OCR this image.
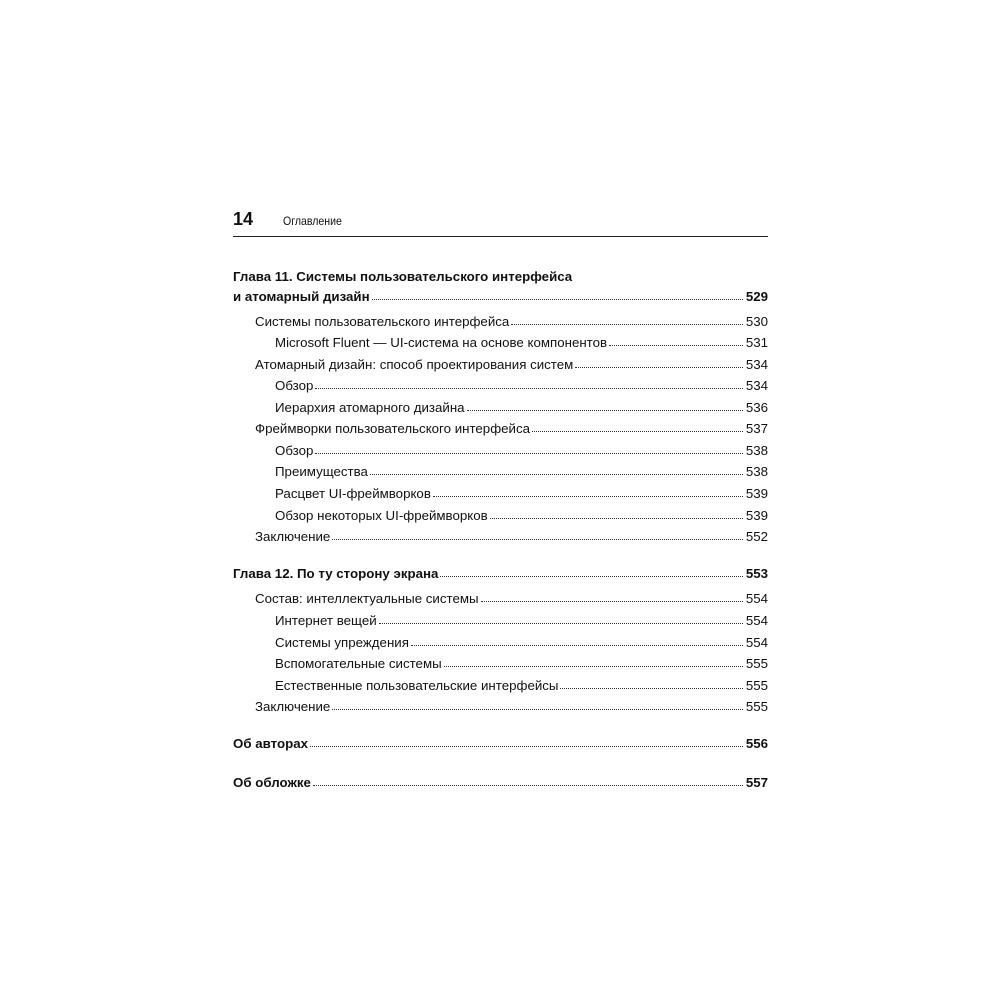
14 Оглавление
Глава 11. Системы пользовательского интерфейса
и атомарный дизайн	529
Системы пользовательского интерфейса	530
Microsoft Fluent — UI-система на основе компонентов	531
Атомарный дизайн: способ проектирования систем	534
Обзор	534
Иерархия атомарного дизайна	536
Фреймворки пользовательского интерфейса	537
Обзор	538
Преимущества	538
Расцвет UI-фреймворков	539
Обзор некоторых UI-фреймворков	539
Заключение	552
Глава 12. По ту сторону экрана	553
Состав: интеллектуальные системы	554
Интернет вещей	554
Системы упреждения	554
Вспомогательные системы	555
Естественные пользовательские интерфейсы	555
Заключение	555
Об авторах	556
Об обложке	557
